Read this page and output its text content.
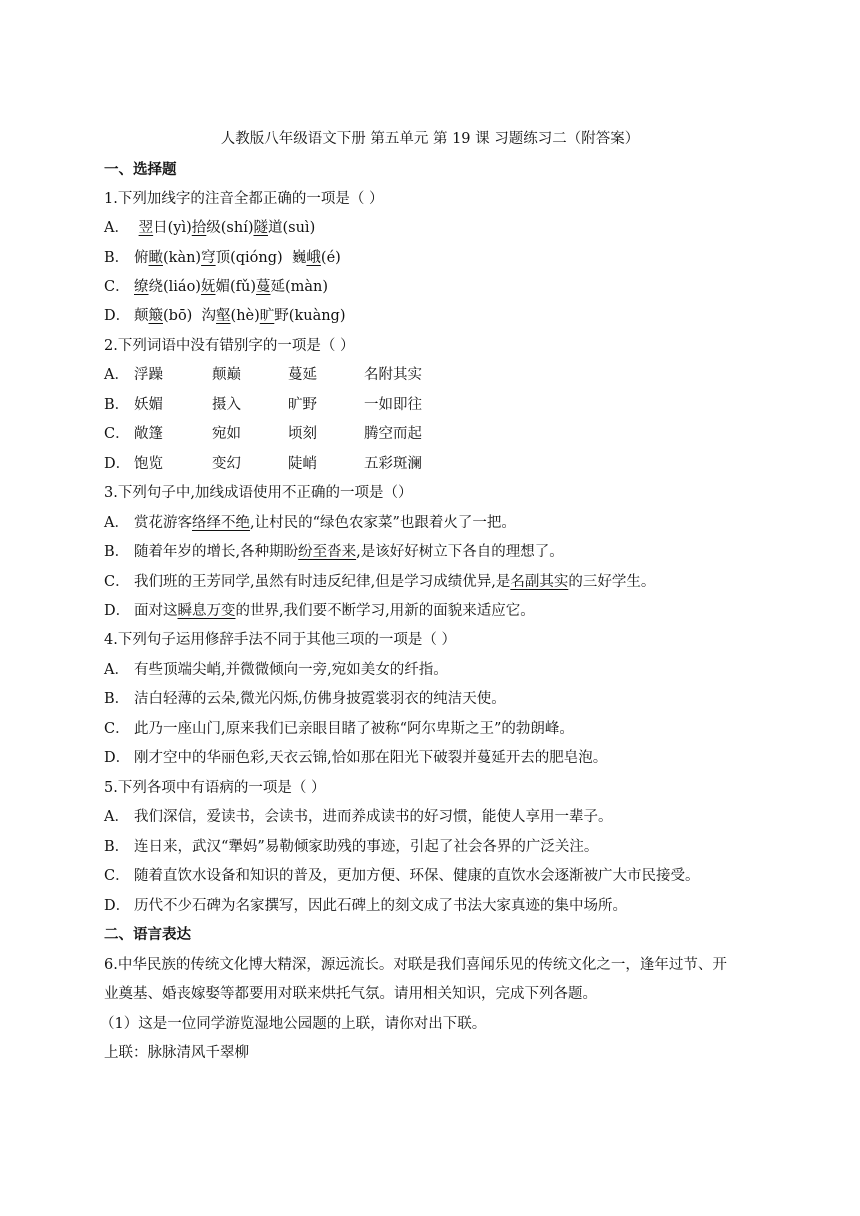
人教版八年级语文下册 第五单元 第 19 课 习题练习二（附答案）
一、选择题
1.下列加线字的注音全都正确的一项是（ ）
A． 翌日(yì)拾级(shí)隧道(suì)
B． 俯瞰(kàn)穹顶(qióng)  巍峨(é)
C． 缭绕(liáo)妩媚(fǔ)蔓延(màn)
D． 颠簸(bō)  沟壑(hè)旷野(kuàng)
2.下列词语中没有错别字的一项是（ ）
A． 浮躁	颠巅	蔓延	名附其实
B． 妖媚	摄入	旷野	一如即往
C． 敞篷	宛如	顷刻	腾空而起
D． 饱览	变幻	陡峭	五彩斑澜
3.下列句子中,加线成语使用不正确的一项是（）
A． 赏花游客络绎不绝,让村民的“绿色农家菜”也跟着火了一把。
B． 随着年岁的增长,各种期盼纷至沓来,是该好好树立下各自的理想了。
C． 我们班的王芳同学,虽然有时违反纪律,但是学习成绩优异,是名副其实的三好学生。
D． 面对这瞬息万变的世界,我们要不断学习,用新的面貌来适应它。
4.下列句子运用修辞手法不同于其他三项的一项是（ ）
A． 有些顶端尖峭,并微微倾向一旁,宛如美女的纤指。
B． 洁白轻薄的云朵,微光闪烁,仿佛身披霓裳羽衣的纯洁天使。
C． 此乃一座山门,原来我们已亲眼目睹了被称“阿尔卑斯之王”的勃朗峰。
D． 刚才空中的华丽色彩,天衣云锦,恰如那在阳光下破裂并蔓延开去的肥皂泡。
5.下列各项中有语病的一项是（ ）
A． 我们深信，爱读书，会读书，进而养成读书的好习惯，能使人享用一辈子。
B． 连日来，武汉“犟妈”易勒倾家助残的事迹，引起了社会各界的广泛关注。
C． 随着直饮水设备和知识的普及，更加方便、环保、健康的直饮水会逐渐被广大市民接受。
D． 历代不少石碑为名家撰写，因此石碑上的刻文成了书法大家真迹的集中场所。
二、语言表达
6.中华民族的传统文化博大精深，源远流长。对联是我们喜闻乐见的传统文化之一，逢年过节、开
业奠基、婚丧嫁娶等都要用对联来烘托气氛。请用相关知识，完成下列各题。
（1）这是一位同学游览湿地公园题的上联，请你对出下联。
上联：脉脉清风千翠柳
